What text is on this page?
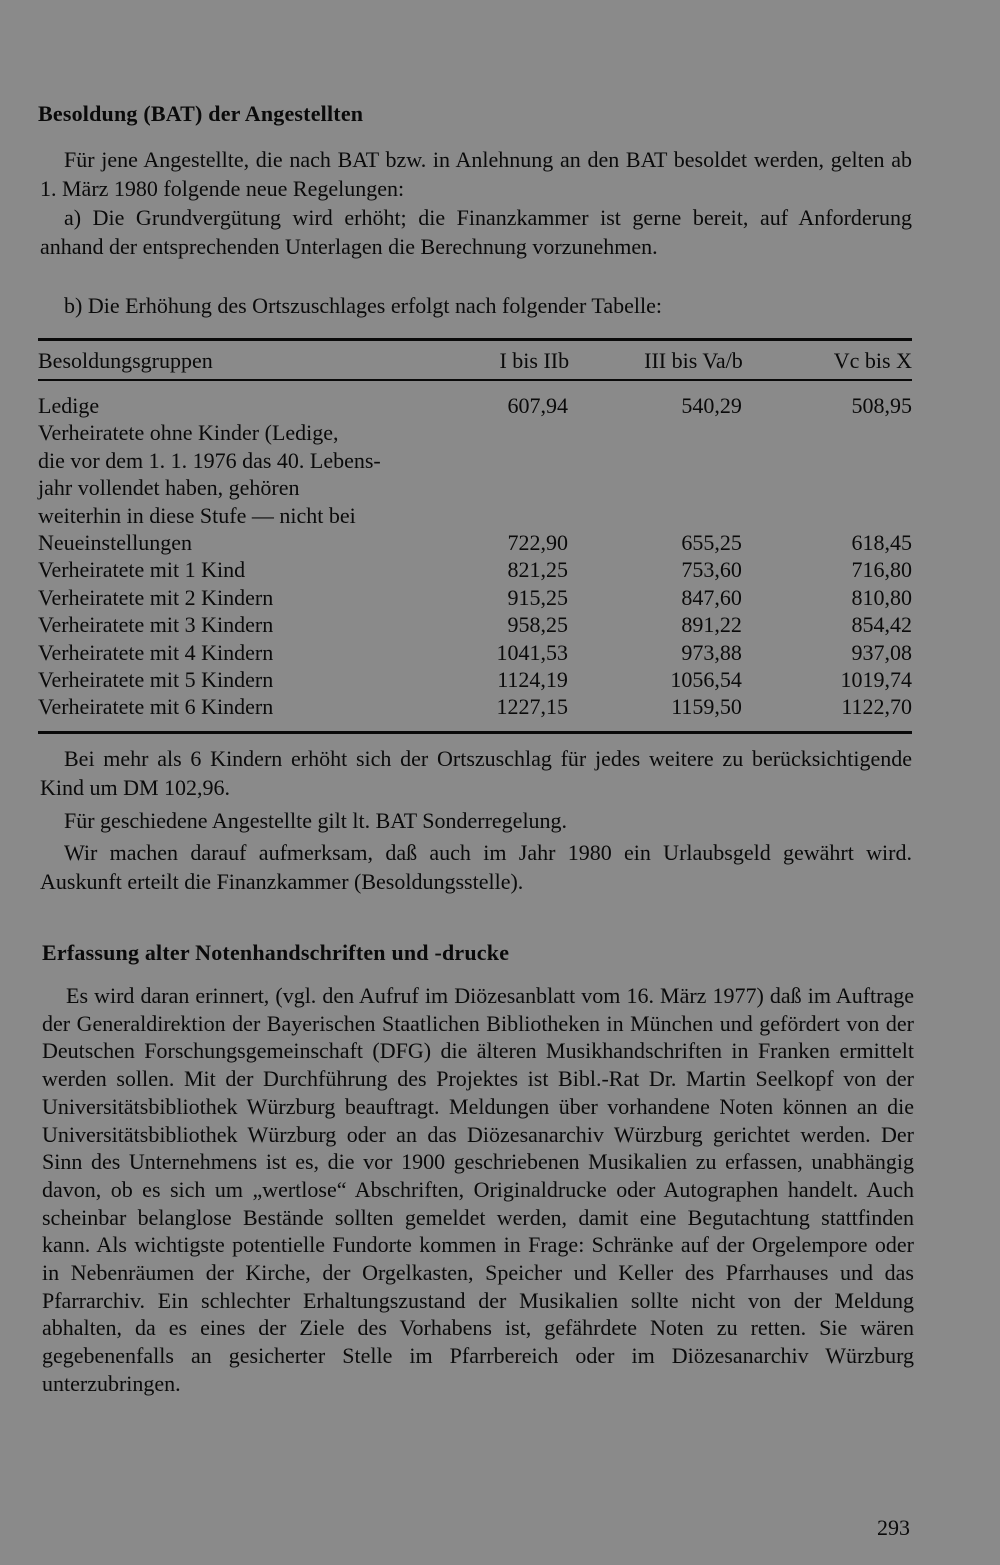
Besoldung (BAT) der Angestellten

Für jene Angestellte, die nach BAT bzw. in Anlehnung an den BAT besoldet werden, gelten ab 1. März 1980 folgende neue Regelungen:

a) Die Grundvergütung wird erhöht; die Finanzkammer ist gerne bereit, auf Anforderung anhand der entsprechenden Unterlagen die Berechnung vorzunehmen.

b) Die Erhöhung des Ortszuschlages erfolgt nach folgender Tabelle:

Besoldungsgruppen	I bis IIb	III bis Va/b	Vc bis X
Ledige	607,94	540,29	508,95
Verheiratete ohne Kinder (Ledige,
die vor dem 1. 1. 1976 das 40. Lebens-
jahr vollendet haben, gehören
weiterhin in diese Stufe — nicht bei
Neueinstellungen	722,90	655,25	618,45
Verheiratete mit 1 Kind	821,25	753,60	716,80
Verheiratete mit 2 Kindern	915,25	847,60	810,80
Verheiratete mit 3 Kindern	958,25	891,22	854,42
Verheiratete mit 4 Kindern	1041,53	973,88	937,08
Verheiratete mit 5 Kindern	1124,19	1056,54	1019,74
Verheiratete mit 6 Kindern	1227,15	1159,50	1122,70

Bei mehr als 6 Kindern erhöht sich der Ortszuschlag für jedes weitere zu berücksichtigende Kind um DM 102,96.

Für geschiedene Angestellte gilt lt. BAT Sonderregelung.

Wir machen darauf aufmerksam, daß auch im Jahr 1980 ein Urlaubsgeld gewährt wird. Auskunft erteilt die Finanzkammer (Besoldungsstelle).

Erfassung alter Notenhandschriften und -drucke

Es wird daran erinnert, (vgl. den Aufruf im Diözesanblatt vom 16. März 1977) daß im Auftrage der Generaldirektion der Bayerischen Staatlichen Bibliotheken in München und gefördert von der Deutschen Forschungsgemeinschaft (DFG) die älteren Musikhandschriften in Franken ermittelt werden sollen. Mit der Durchführung des Projektes ist Bibl.-Rat Dr. Martin Seelkopf von der Universitätsbibliothek Würzburg beauftragt. Meldungen über vorhandene Noten können an die Universitätsbibliothek Würzburg oder an das Diözesanarchiv Würzburg gerichtet werden. Der Sinn des Unternehmens ist es, die vor 1900 geschriebenen Musikalien zu erfassen, unabhängig davon, ob es sich um „wertlose“ Abschriften, Originaldrucke oder Autographen handelt. Auch scheinbar belanglose Bestände sollten gemeldet werden, damit eine Begutachtung stattfinden kann. Als wichtigste potentielle Fundorte kommen in Frage: Schränke auf der Orgelempore oder in Nebenräumen der Kirche, der Orgelkasten, Speicher und Keller des Pfarrhauses und das Pfarrarchiv. Ein schlechter Erhaltungszustand der Musikalien sollte nicht von der Meldung abhalten, da es eines der Ziele des Vorhabens ist, gefährdete Noten zu retten. Sie wären gegebenenfalls an gesicherter Stelle im Pfarrbereich oder im Diözesanarchiv Würzburg unterzubringen.

293
